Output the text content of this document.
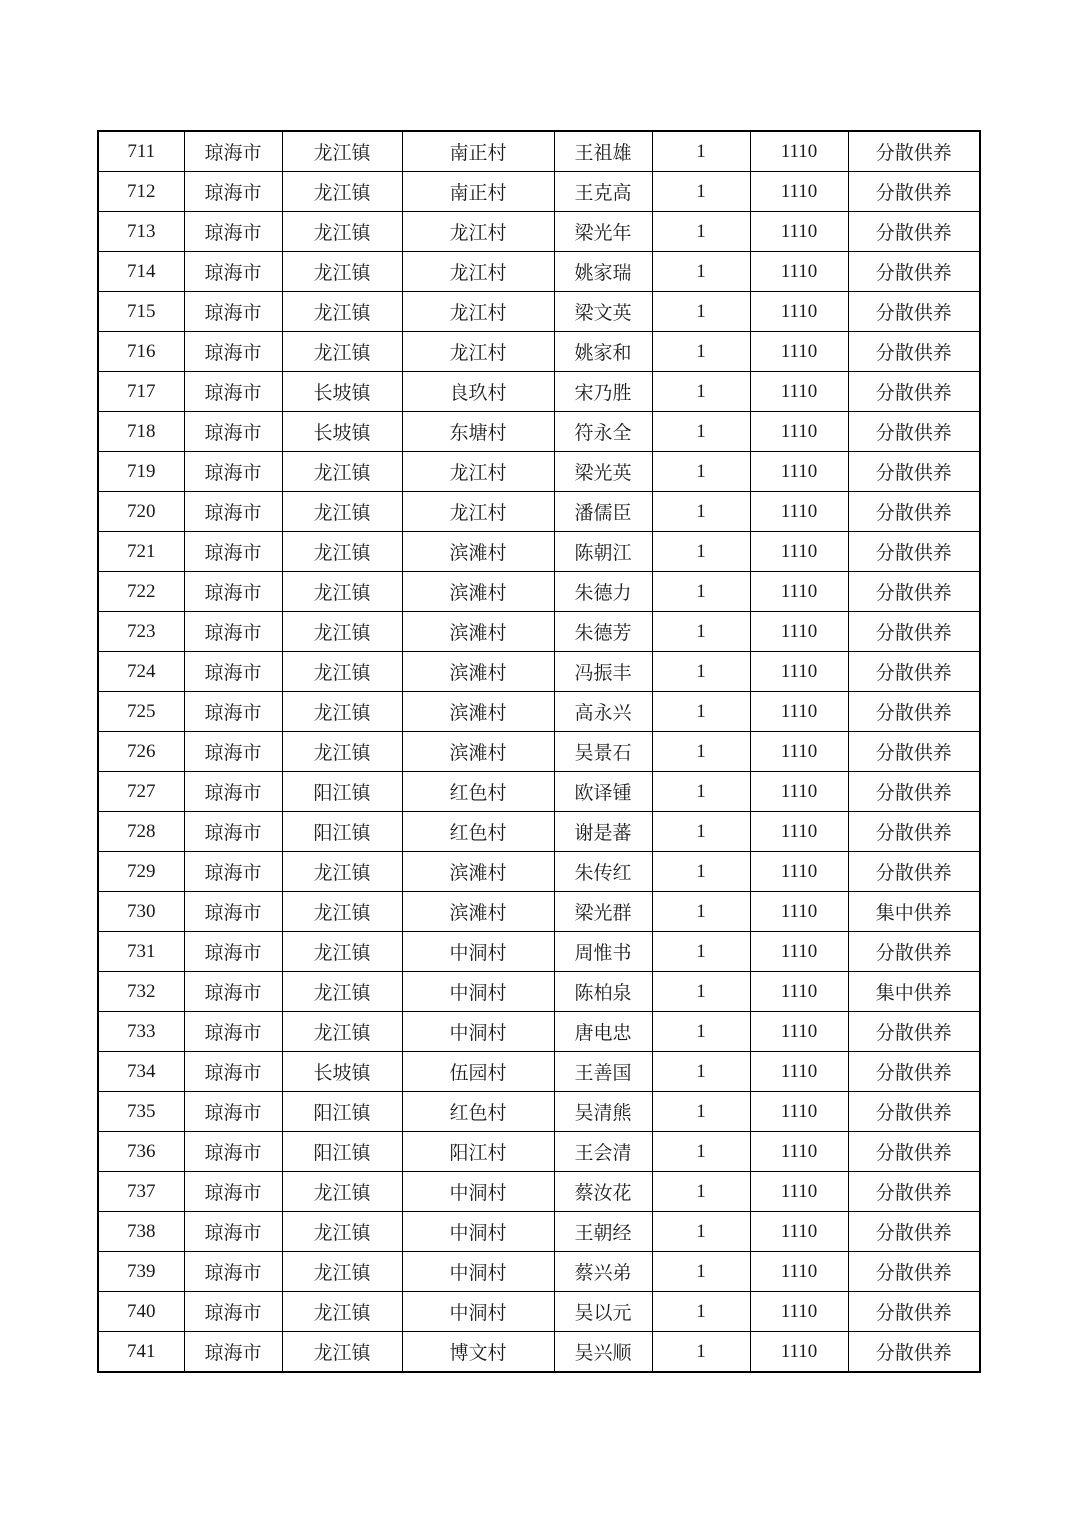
711	琼海市	龙江镇	南正村	王祖雄	1	1110	分散供养
712	琼海市	龙江镇	南正村	王克高	1	1110	分散供养
713	琼海市	龙江镇	龙江村	梁光年	1	1110	分散供养
714	琼海市	龙江镇	龙江村	姚家瑞	1	1110	分散供养
715	琼海市	龙江镇	龙江村	梁文英	1	1110	分散供养
716	琼海市	龙江镇	龙江村	姚家和	1	1110	分散供养
717	琼海市	长坡镇	良玖村	宋乃胜	1	1110	分散供养
718	琼海市	长坡镇	东塘村	符永全	1	1110	分散供养
719	琼海市	龙江镇	龙江村	梁光英	1	1110	分散供养
720	琼海市	龙江镇	龙江村	潘儒臣	1	1110	分散供养
721	琼海市	龙江镇	滨滩村	陈朝江	1	1110	分散供养
722	琼海市	龙江镇	滨滩村	朱德力	1	1110	分散供养
723	琼海市	龙江镇	滨滩村	朱德芳	1	1110	分散供养
724	琼海市	龙江镇	滨滩村	冯振丰	1	1110	分散供养
725	琼海市	龙江镇	滨滩村	高永兴	1	1110	分散供养
726	琼海市	龙江镇	滨滩村	吴景石	1	1110	分散供养
727	琼海市	阳江镇	红色村	欧译锺	1	1110	分散供养
728	琼海市	阳江镇	红色村	谢是蕃	1	1110	分散供养
729	琼海市	龙江镇	滨滩村	朱传红	1	1110	分散供养
730	琼海市	龙江镇	滨滩村	梁光群	1	1110	集中供养
731	琼海市	龙江镇	中洞村	周惟书	1	1110	分散供养
732	琼海市	龙江镇	中洞村	陈柏泉	1	1110	集中供养
733	琼海市	龙江镇	中洞村	唐电忠	1	1110	分散供养
734	琼海市	长坡镇	伍园村	王善国	1	1110	分散供养
735	琼海市	阳江镇	红色村	吴清熊	1	1110	分散供养
736	琼海市	阳江镇	阳江村	王会清	1	1110	分散供养
737	琼海市	龙江镇	中洞村	蔡汝花	1	1110	分散供养
738	琼海市	龙江镇	中洞村	王朝经	1	1110	分散供养
739	琼海市	龙江镇	中洞村	蔡兴弟	1	1110	分散供养
740	琼海市	龙江镇	中洞村	吴以元	1	1110	分散供养
741	琼海市	龙江镇	博文村	吴兴顺	1	1110	分散供养
